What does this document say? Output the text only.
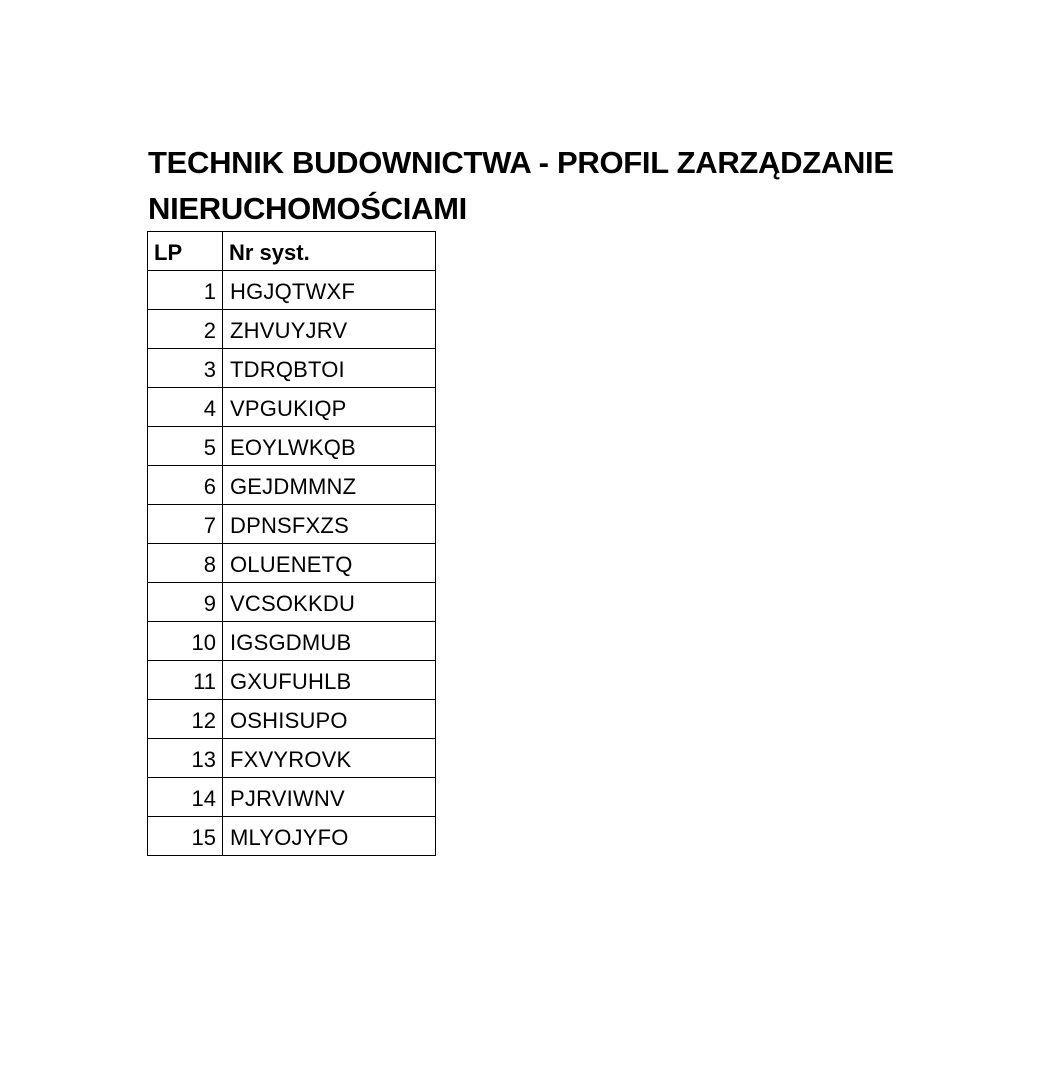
TECHNIK BUDOWNICTWA - PROFIL ZARZĄDZANIE
NIERUCHOMOŚCIAMI
LP	Nr syst.
1	HGJQTWXF
2	ZHVUYJRV
3	TDRQBTOI
4	VPGUKIQP
5	EOYLWKQB
6	GEJDMMNZ
7	DPNSFXZS
8	OLUENETQ
9	VCSOKKDU
10	IGSGDMUB
11	GXUFUHLB
12	OSHISUPO
13	FXVYROVK
14	PJRVIWNV
15	MLYOJYFO
